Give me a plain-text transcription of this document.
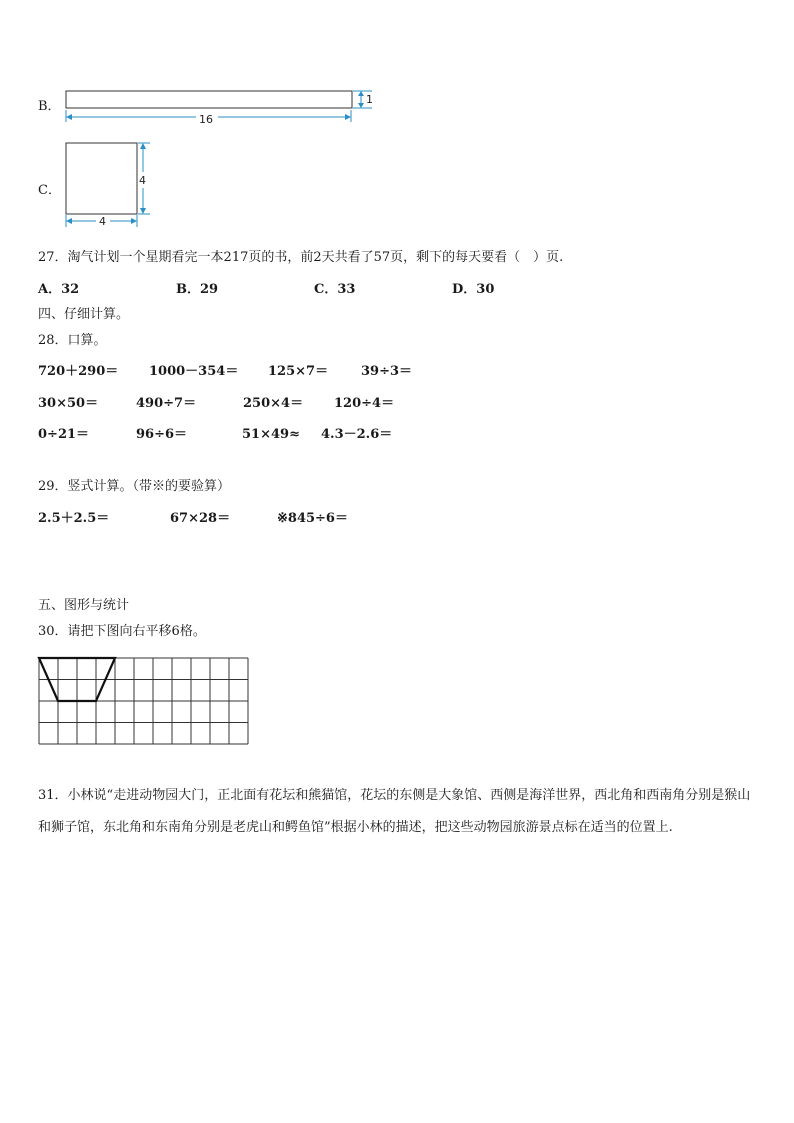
B．
16
1
C．
4
4
27．淘气计划一个星期看完一本217页的书，前2天共看了57页，剩下的每天要看（　）页.
A．32	B．29	C．33	D．30
四、仔细计算。
28．口算。
720＋290＝ 1000－354＝ 125×7＝	39÷3＝
30×50＝	490÷7＝	250×4＝ 120÷4＝
0÷21＝	96÷6＝	51×49≈ 4.3－2.6＝
29．竖式计算。（带※的要验算）
2.5＋2.5＝	67×28＝	※845÷6＝
五、图形与统计
30．请把下图向右平移6格。
31．小林说“走进动物园大门，正北面有花坛和熊猫馆，花坛的东侧是大象馆、西侧是海洋世界，西北角和西南角分别是猴山和狮子馆，东北角和东南角分别是老虎山和鳄鱼馆”根据小林的描述，把这些动物园旅游景点标在适当的位置上.
